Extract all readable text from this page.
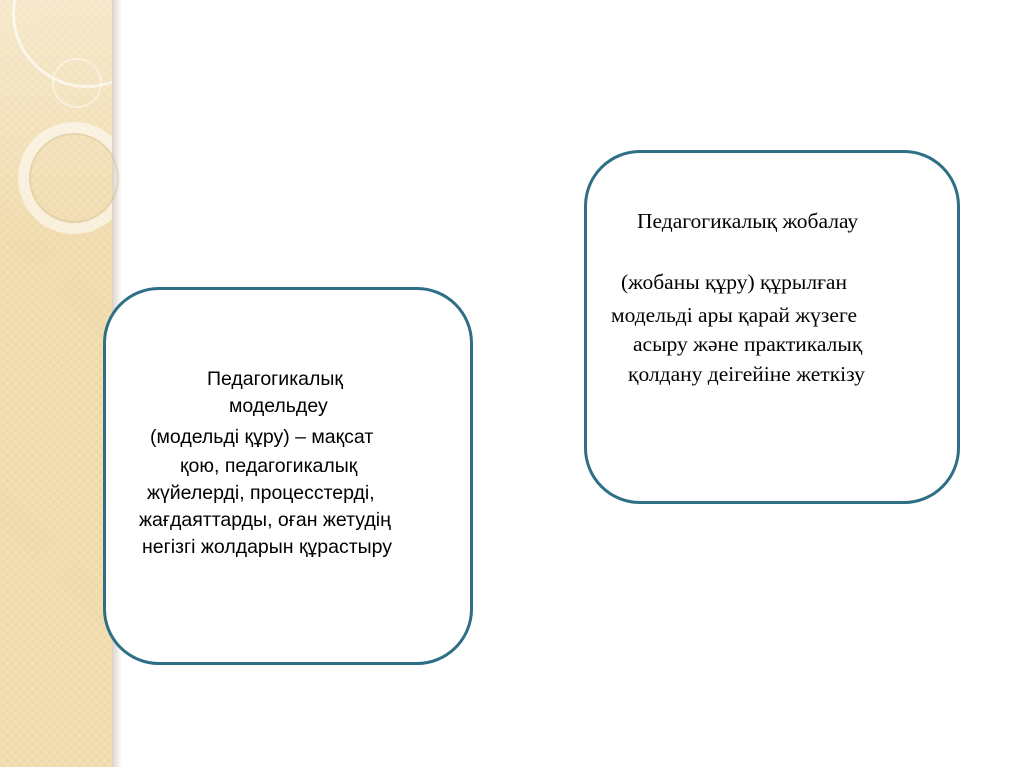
Педагогикалық
модельдеу
(модельді құру) – мақсат
қою, педагогикалық
жүйелерді, процесстерді,
жағдаяттарды, оған жетудің
негізгі жолдарын құрастыру
Педагогикалық жобалау
(жобаны құру) құрылған
модельді ары қарай жүзеге
асыру және практикалық
қолдану деігейіне жеткізу
